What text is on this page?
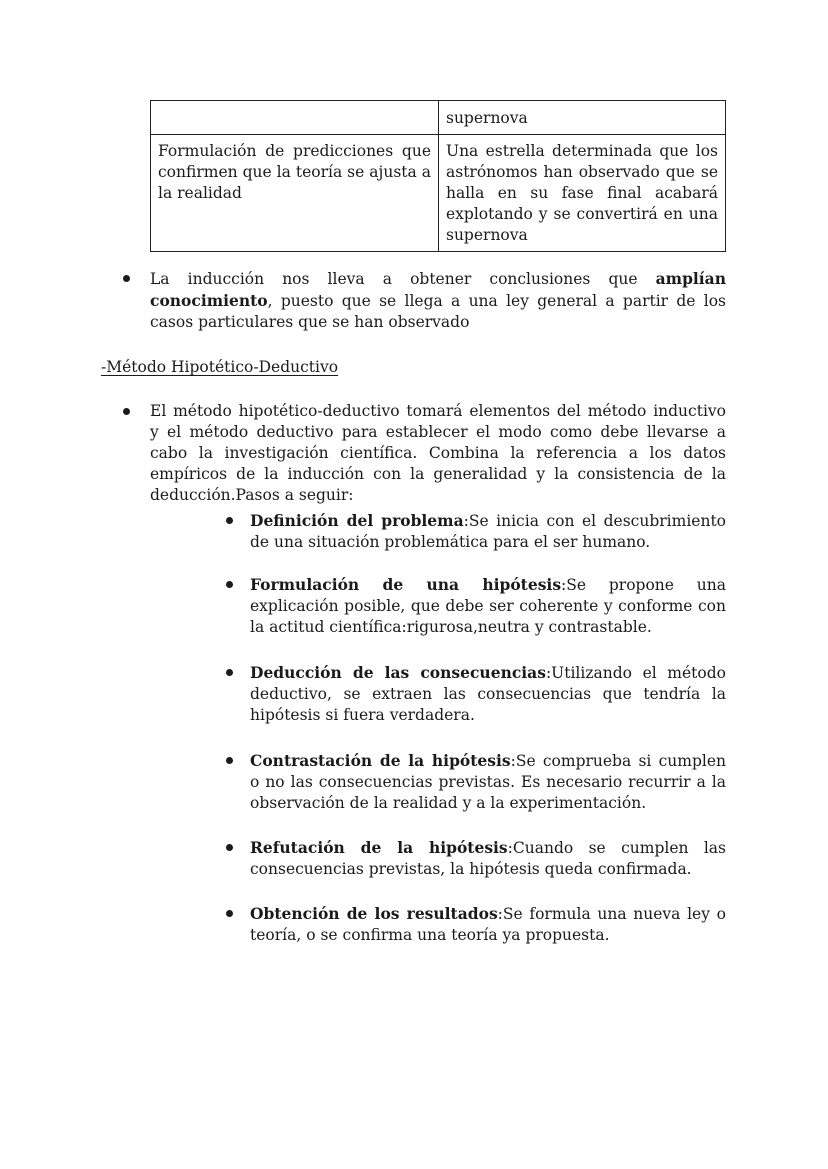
	supernova
Formulación de predicciones que confirmen que la teoría se ajusta a la realidad	Una estrella determinada que los astrónomos han observado que se halla en su fase final acabará explotando y se convertirá en una supernova

La inducción nos lleva a obtener conclusiones que amplían conocimiento, puesto que se llega a una ley general a partir de los casos particulares que se han observado

-Método Hipotético-Deductivo

El método hipotético-deductivo tomará elementos del método inductivo y el método deductivo para establecer el modo como debe llevarse a cabo la investigación científica. Combina la referencia a los datos empíricos de la inducción con la generalidad y la consistencia de la deducción.Pasos a seguir:

Definición del problema:Se inicia con el descubrimiento de una situación problemática para el ser humano.

Formulación de una hipótesis:Se propone una explicación posible, que debe ser coherente y conforme con la actitud científica:rigurosa,neutra y contrastable.

Deducción de las consecuencias:Utilizando el método deductivo, se extraen las consecuencias que tendría la hipótesis si fuera verdadera.

Contrastación de la hipótesis:Se comprueba si cumplen o no las consecuencias previstas. Es necesario recurrir a la observación de la realidad y a la experimentación.

Refutación de la hipótesis:Cuando se cumplen las consecuencias previstas, la hipótesis queda confirmada.

Obtención de los resultados:Se formula una nueva ley o teoría, o se confirma una teoría ya propuesta.
